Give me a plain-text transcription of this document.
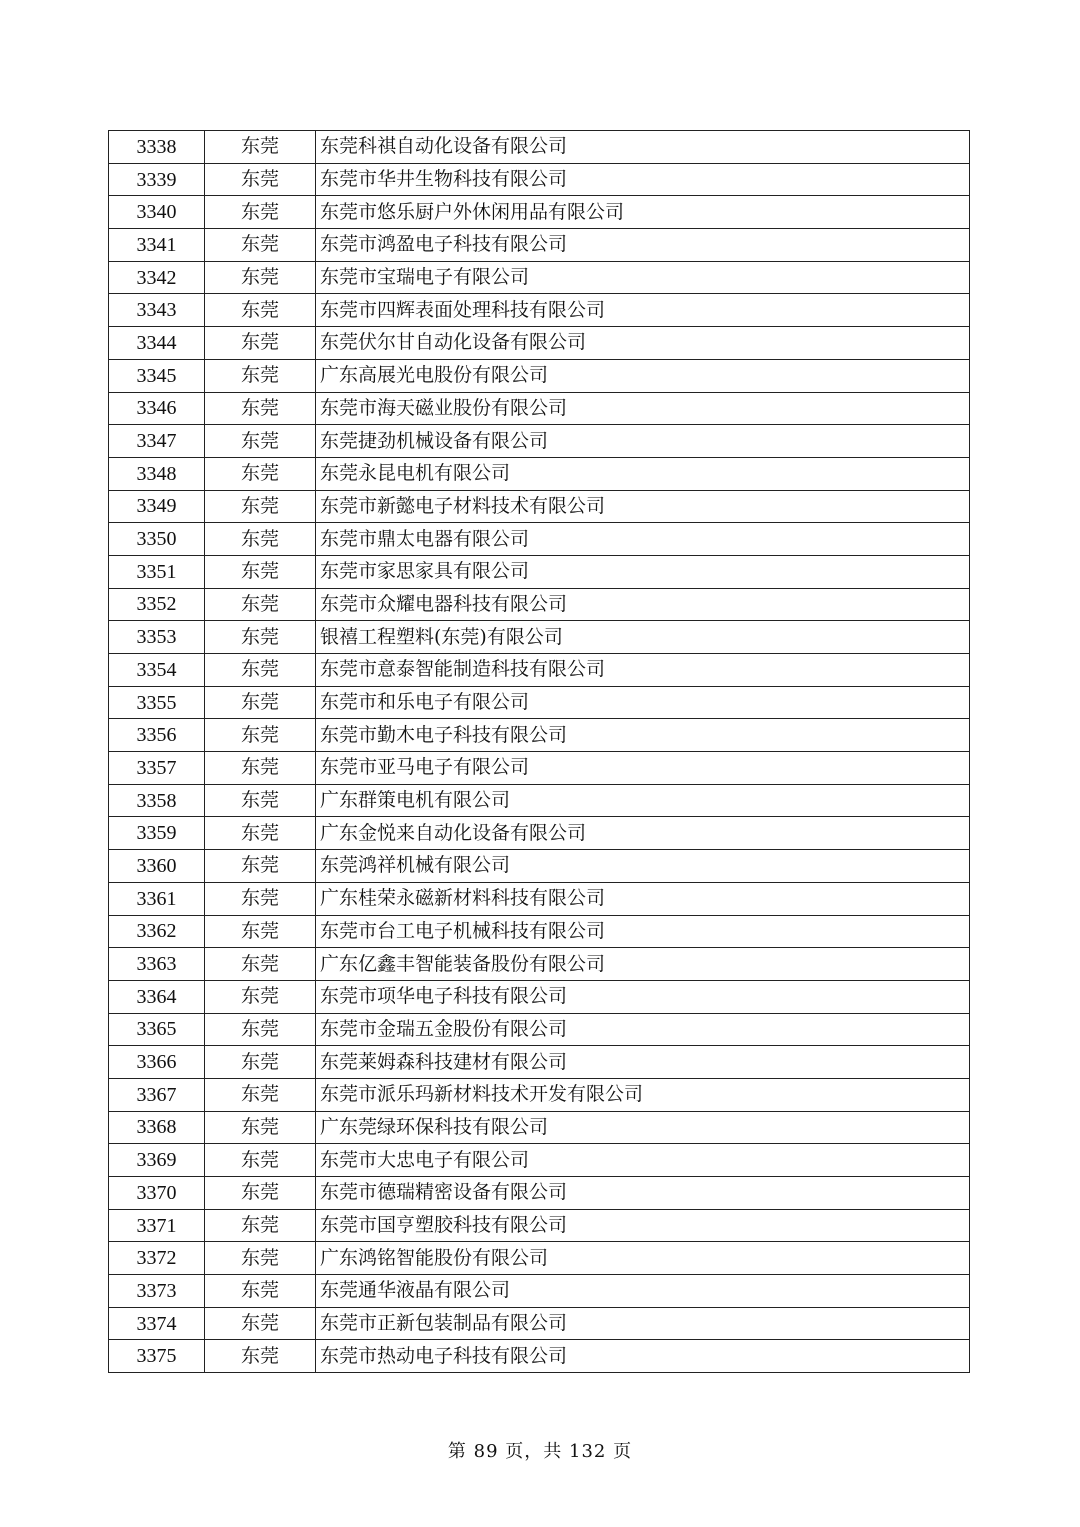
3338	东莞	东莞科祺自动化设备有限公司
3339	东莞	东莞市华井生物科技有限公司
3340	东莞	东莞市悠乐厨户外休闲用品有限公司
3341	东莞	东莞市鸿盈电子科技有限公司
3342	东莞	东莞市宝瑞电子有限公司
3343	东莞	东莞市四辉表面处理科技有限公司
3344	东莞	东莞伏尔甘自动化设备有限公司
3345	东莞	广东高展光电股份有限公司
3346	东莞	东莞市海天磁业股份有限公司
3347	东莞	东莞捷劲机械设备有限公司
3348	东莞	东莞永昆电机有限公司
3349	东莞	东莞市新懿电子材料技术有限公司
3350	东莞	东莞市鼎太电器有限公司
3351	东莞	东莞市家思家具有限公司
3352	东莞	东莞市众耀电器科技有限公司
3353	东莞	银禧工程塑料(东莞)有限公司
3354	东莞	东莞市意泰智能制造科技有限公司
3355	东莞	东莞市和乐电子有限公司
3356	东莞	东莞市勤木电子科技有限公司
3357	东莞	东莞市亚马电子有限公司
3358	东莞	广东群策电机有限公司
3359	东莞	广东金悦来自动化设备有限公司
3360	东莞	东莞鸿祥机械有限公司
3361	东莞	广东桂荣永磁新材料科技有限公司
3362	东莞	东莞市台工电子机械科技有限公司
3363	东莞	广东亿鑫丰智能装备股份有限公司
3364	东莞	东莞市项华电子科技有限公司
3365	东莞	东莞市金瑞五金股份有限公司
3366	东莞	东莞莱姆森科技建材有限公司
3367	东莞	东莞市派乐玛新材料技术开发有限公司
3368	东莞	广东莞绿环保科技有限公司
3369	东莞	东莞市大忠电子有限公司
3370	东莞	东莞市德瑞精密设备有限公司
3371	东莞	东莞市国亨塑胶科技有限公司
3372	东莞	广东鸿铭智能股份有限公司
3373	东莞	东莞通华液晶有限公司
3374	东莞	东莞市正新包装制品有限公司
3375	东莞	东莞市热动电子科技有限公司
第 89 页，共 132 页
